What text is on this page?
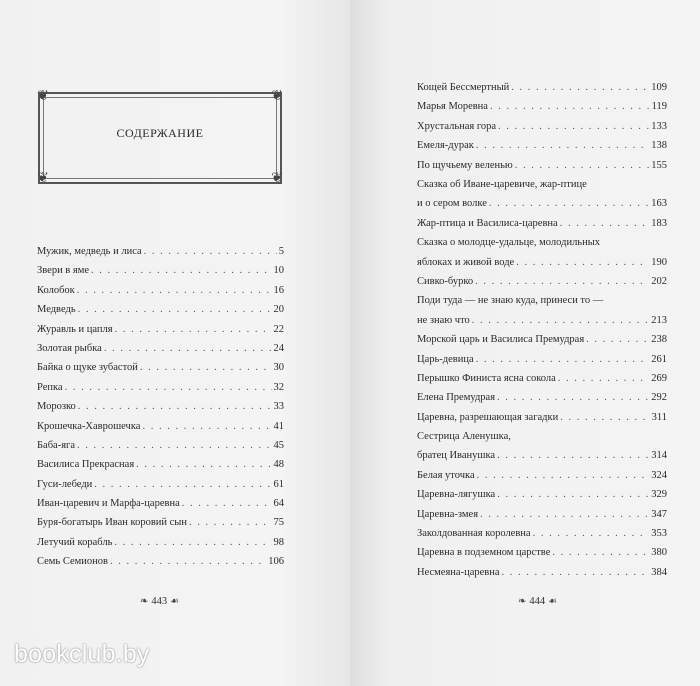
❦	❦
❦	❦
СОДЕРЖАНИЕ
❧ 443 ☙	❧ 444 ☙
Мужик, медведь и лиса . . .	5
Звери в яме . . .	10
Колобок . . .	16
Медведь . . .	20
Журавль и цапля . . .	22
Золотая рыбка . . .	24
Байка о щуке зубастой . . .	30
Репка . . .	32
Морозко . . .	33
Крошечка-Хаврошечка . . .	41
Баба-яга . . .	45
Василиса Прекрасная . . .	48
Гуси-лебеди . . .	61
Иван-царевич и Марфа-царевна . . .	64
Буря-богатырь Иван коровий сын . . .	75
Летучий корабль . . .	98
Семь Семионов . . .	106
Кощей Бессмертный . . .	109
Марья Моревна . . .	119
Хрустальная гора . . .	133
Емеля-дурак . . .	138
По щучьему веленью . . .	155
Сказка об Иване-царевиче, жар-птице
и о сером волке . . .	163
Жар-птица и Василиса-царевна . . .	183
Сказка о молодце-удальце, молодильных
яблоках и живой воде . . .	190
Сивко-бурко . . .	202
Поди туда — не знаю куда, принеси то —
не знаю что . . .	213
Морской царь и Василиса Премудрая . . .	238
Царь-девица . . .	261
Перышко Финиста ясна сокола . . .	269
Елена Премудрая . . .	292
Царевна, разрешающая загадки . . .	311
Сестрица Аленушка,
братец Иванушка . . .	314
Белая уточка . . .	324
Царевна-лягушка . . .	329
Царевна-змея . . .	347
Заколдованная королевна . . .	353
Царевна в подземном царстве . . .	380
Несмеяна-царевна . . .	384
bookclub.by
